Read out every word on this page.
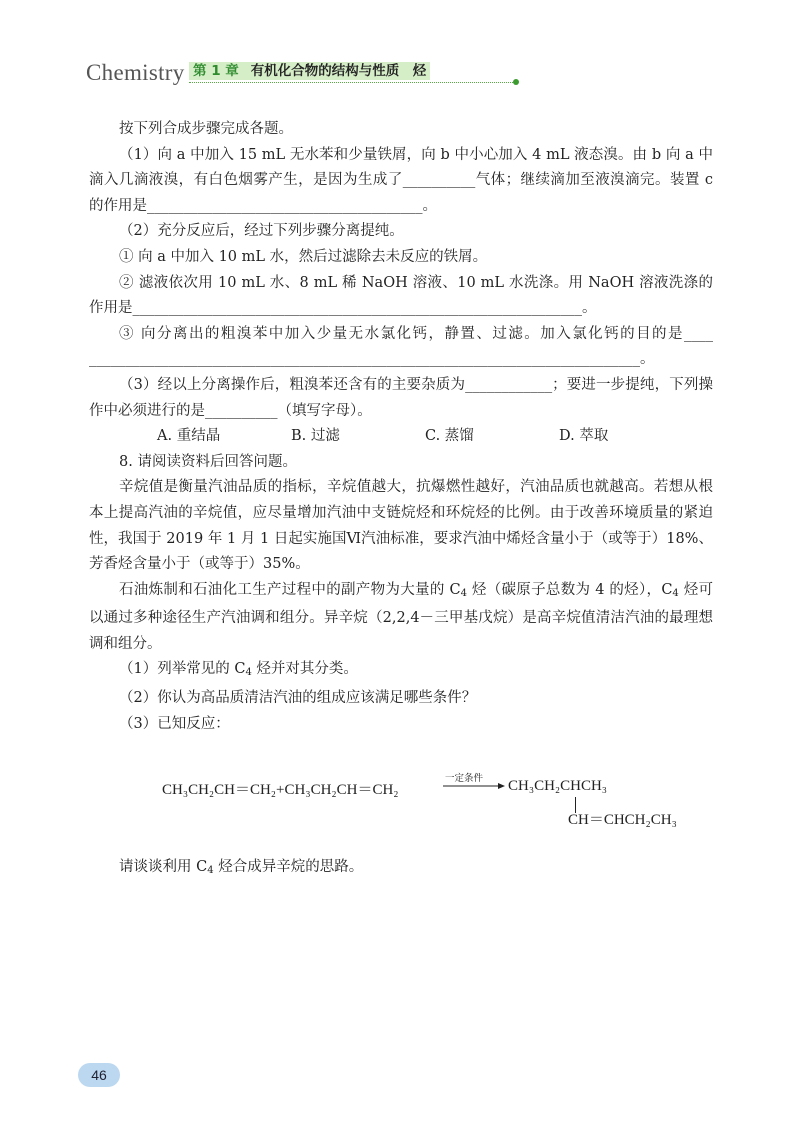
Chemistry 第 1 章 有机化合物的结构与性质　烃

按下列合成步骤完成各题。

（1）向 a 中加入 15 mL 无水苯和少量铁屑，向 b 中小心加入 4 mL 液态溴。由 b 向 a 中滴入几滴液溴，有白色烟雾产生，是因为生成了__________气体；继续滴加至液溴滴完。装置 c 的作用是______________________________________。

（2）充分反应后，经过下列步骤分离提纯。

① 向 a 中加入 10 mL 水，然后过滤除去未反应的铁屑。

② 滤液依次用 10 mL 水、8 mL 稀 NaOH 溶液、10 mL 水洗涤。用 NaOH 溶液洗涤的作用是______________________________________________________________。

③ 向分离出的粗溴苯中加入少量无水氯化钙，静置、过滤。加入氯化钙的目的是____ ____________________________________________________________________________。

（3）经以上分离操作后，粗溴苯还含有的主要杂质为____________；要进一步提纯，下列操作中必须进行的是__________（填写字母）。

A. 重结晶	B. 过滤	C. 蒸馏	D. 萃取

8. 请阅读资料后回答问题。

辛烷值是衡量汽油品质的指标，辛烷值越大，抗爆燃性越好，汽油品质也就越高。若想从根本上提高汽油的辛烷值，应尽量增加汽油中支链烷烃和环烷烃的比例。由于改善环境质量的紧迫性，我国于 2019 年 1 月 1 日起实施国Ⅵ汽油标准，要求汽油中烯烃含量小于（或等于）18%、芳香烃含量小于（或等于）35%。

石油炼制和石油化工生产过程中的副产物为大量的 $C_4$ 烃（碳原子总数为 4 的烃），$C_4$ 烃可以通过多种途径生产汽油调和组分。异辛烷（2,2,4－三甲基戊烷）是高辛烷值清洁汽油的最理想调和组分。

（1）列举常见的 $C_4$ 烃并对其分类。

（2）你认为高品质清洁汽油的组成应该满足哪些条件？

（3）已知反应：

CH₃CH₂CH＝CH₂+CH₃CH₂CH＝CH₂
一定条件 CH₃CH₂CHCH₃
CH＝CHCH₂CH₃
请谈谈利用 $C_4$ 烃合成异辛烷的思路。
46
